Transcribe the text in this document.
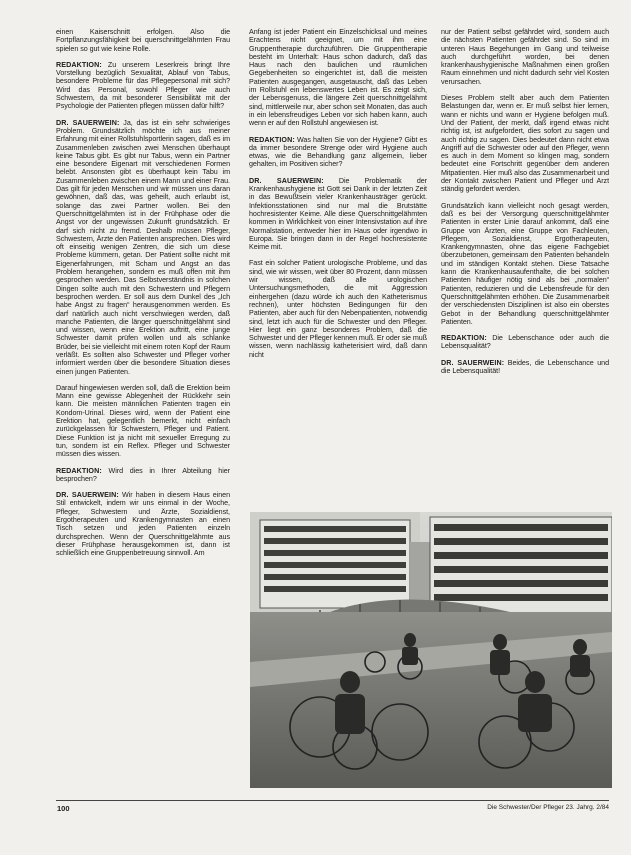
einen Kaiserschnitt erfolgen. Also die Fortpflanzungsfähigkeit bei querschnittgelähmten Frau spielen so gut wie keine Rolle.

REDAKTION: Zu unserem Leserkreis bringt Ihre Vorstellung bezüglich Sexualität, Ablauf von Tabus, besondere Probleme für das Pflegepersonal mit sich? Wird das Personal, sowohl Pfleger wie auch Schwestern, da mit besonderer Sensibilität mit der Psychologie der Patienten pflegen müssen dafür hilft?

DR. SAUERWEIN: Ja, das ist ein sehr schwieriges Problem. Grundsätzlich möchte ich aus meiner Erfahrung mit einer Rollstuhlsportlerin sagen, daß es im Zusammenleben zwischen zwei Menschen überhaupt keine Tabus gibt. Es gibt nur Tabus, wenn ein Partner eine besondere Eigenart mit verschiedenen Formen belebt. Ansonsten gibt es überhaupt kein Tabu im Zusammenleben zwischen einem Mann und einer Frau. Das gilt für jeden Menschen und wir müssen uns daran gewöhnen, daß das, was geheilt, auch erlaubt ist, solange das zwei Partner wollen. Bei den Querschnittgelähmten ist in der Frühphase oder die Angst vor der ungewissen Zukunft grundsätzlich. Er darf sich nicht zu fremd. Deshalb müssen Pfleger, Schwestern, Ärzte den Patienten ansprechen. Dies wird oft einseitig wenigen Zentren, die sich um diese Probleme kümmern, getan. Der Patient sollte nicht mit Eigenerfahrungen, mit Scham und Angst an das Problem herangehen, sondern es muß offen mit ihm gesprochen werden. Das Selbstverständnis in solchen Dingen sollte auch mit den Schwestern und Pflegern besprochen werden. Er soll aus dem Dunkel des „Ich habe Angst zu fragen“ herausgenommen werden. Es darf natürlich auch nicht verschwiegen werden, daß manche Patienten, die länger querschnittgelähmt sind und wissen, wenn eine Erektion auftritt, eine junge Schwester damit prüfen wollen und als schlanke Brüder, bei sie vielleicht mit einem roten Kopf der Raum verläßt. Es sollten also Schwester und Pfleger vorher informiert werden über die besondere Situation dieses einen jungen Patienten.

Darauf hingewiesen werden soll, daß die Erektion beim Mann eine gewisse Ablegenheit der Rückkehr sein kann. Die meisten männlichen Patienten tragen ein Kondom-Urinal. Dieses wird, wenn der Patient eine Erektion hat, gelegentlich bemerkt, nicht einfach zurückgelassen für Schwestern, Pfleger und Patient. Diese Funktion ist ja nicht mit sexueller Erregung zu tun, sondern ist ein Reflex. Pfleger und Schwester müssen dies wissen.

REDAKTION: Wird dies in Ihrer Abteilung hier besprochen?

DR. SAUERWEIN: Wir haben in diesem Haus einen Stil entwickelt, indem wir uns einmal in der Woche, Pfleger, Schwestern und Ärzte, Sozialdienst, Ergotherapeuten und Krankengymnasten an einen Tisch setzen und jeden Patienten einzeln durchsprechen. Wenn der Querschnittgelähmte aus dieser Frühphase herausgekommen ist, dann ist schließlich eine Gruppenbetreuung sinnvoll. Am

Anfang ist jeder Patient ein Einzelschicksal und meines Erachtens nicht geeignet, um mit ihm eine Gruppentherapie durchzuführen. Die Gruppentherapie besteht im Unterhalt: Haus schon dadurch, daß das Haus nach den baulichen und räumlichen Gegebenheiten so eingerichtet ist, daß die meisten Patienten ausgegangen, ausgetauscht, daß das Leben im Rollstuhl ein lebenswertes Leben ist. Es zeigt sich, der Lebensgenuss, die längere Zeit querschnittgelähmt sind, mittlerweile nur, aber schon seit Monaten, das auch in ein lebensfreudiges Leben vor sich haben kann, auch wenn er auf den Rollstuhl angewiesen ist.

REDAKTION: Was halten Sie von der Hygiene? Gibt es da immer besondere Strenge oder wird Hygiene auch etwas, wie die Behandlung ganz allgemein, lieber gehalten, im Positiven sicher?

DR. SAUERWEIN: Die Problematik der Krankenhaushygiene ist Gott sei Dank in der letzten Zeit in das Bewußtsein vieler Krankenhausträger gerückt. Infektionsstationen sind nur mal die Brutstätte hochresistenter Keime. Alle diese Querschnittgelähmten kommen in Wirklichkeit von einer Intensivstation auf ihre Normalstation, entweder hier im Haus oder irgendwo in Europa. Sie bringen dann in der Regel hochresistente Keime mit.

Fast ein solcher Patient urologische Probleme, und das sind, wie wir wissen, weit über 80 Prozent, dann müssen wir wissen, daß alle urologischen Untersuchungsmethoden, die mit Aggression einhergehen (dazu würde ich auch den Katheterismus rechnen), unter höchsten Bedingungen für den Patienten, aber auch für den Nebenpatienten, notwendig sind, letzt ich auch für die Schwester und den Pfleger. Hier liegt ein ganz besonderes Problem, daß die Schwester und der Pfleger kennen muß. Er oder sie muß wissen, wenn nachlässig katheterisiert wird, daß dann nicht

nur der Patient selbst gefährdet wird, sondern auch die nächsten Patienten gefährdet sind. So sind im unteren Haus Begehungen im Gang und teilweise auch durchgeführt worden, bei denen krankenhaushygienische Maßnahmen einen großen Raum einnehmen und nicht dadurch sehr viel Kosten verursachen.

Dieses Problem stellt aber auch dem Patienten Belastungen dar, wenn er. Er muß selbst hier lernen, wann er nichts und wann er Hygiene befolgen muß. Und der Patient, der merkt, daß irgend etwas nicht richtig ist, ist aufgefordert, dies sofort zu sagen und auch richtig zu sagen. Dies bedeutet dann nicht etwa Angriff auf die Schwester oder auf den Pfleger, wenn es auch in dem Moment so klingen mag, sondern bedeutet eine Fortschritt gegenüber dem anderen Mitpatienten. Hier muß also das Zusammenarbeit und der Kontakt zwischen Patient und Pfleger und Arzt ständig gefordert werden.

Grundsätzlich kann vielleicht noch gesagt werden, daß es bei der Versorgung querschnittgelähmter Patienten in erster Linie darauf ankommt, daß eine Gruppe von Ärzten, eine Gruppe von Fachleuten, Pflegern, Sozialdienst, Ergotherapeuten, Krankengymnasten, ohne das eigene Fachgebiet überzubetonen, gemeinsam den Patienten behandeln und im ständigen Kontakt stehen. Diese Tatsache kann die Krankenhausaufenthalte, die bei solchen Patienten häufiger nötig sind als bei „normalen“ Patienten, reduzieren und die Lebensfreude für den Querschnittgelähmten erhöhen. Die Zusammenarbeit der verschiedensten Disziplinen ist also ein oberstes Gebot in der Behandlung querschnittgelähmter Patienten.

REDAKTION: Die Lebenschance oder auch die Lebensqualität?

DR. SAUERWEIN: Beides, die Lebenschance und die Lebensqualität!

100	Die Schwester/Der Pfleger 23. Jahrg. 2/84
